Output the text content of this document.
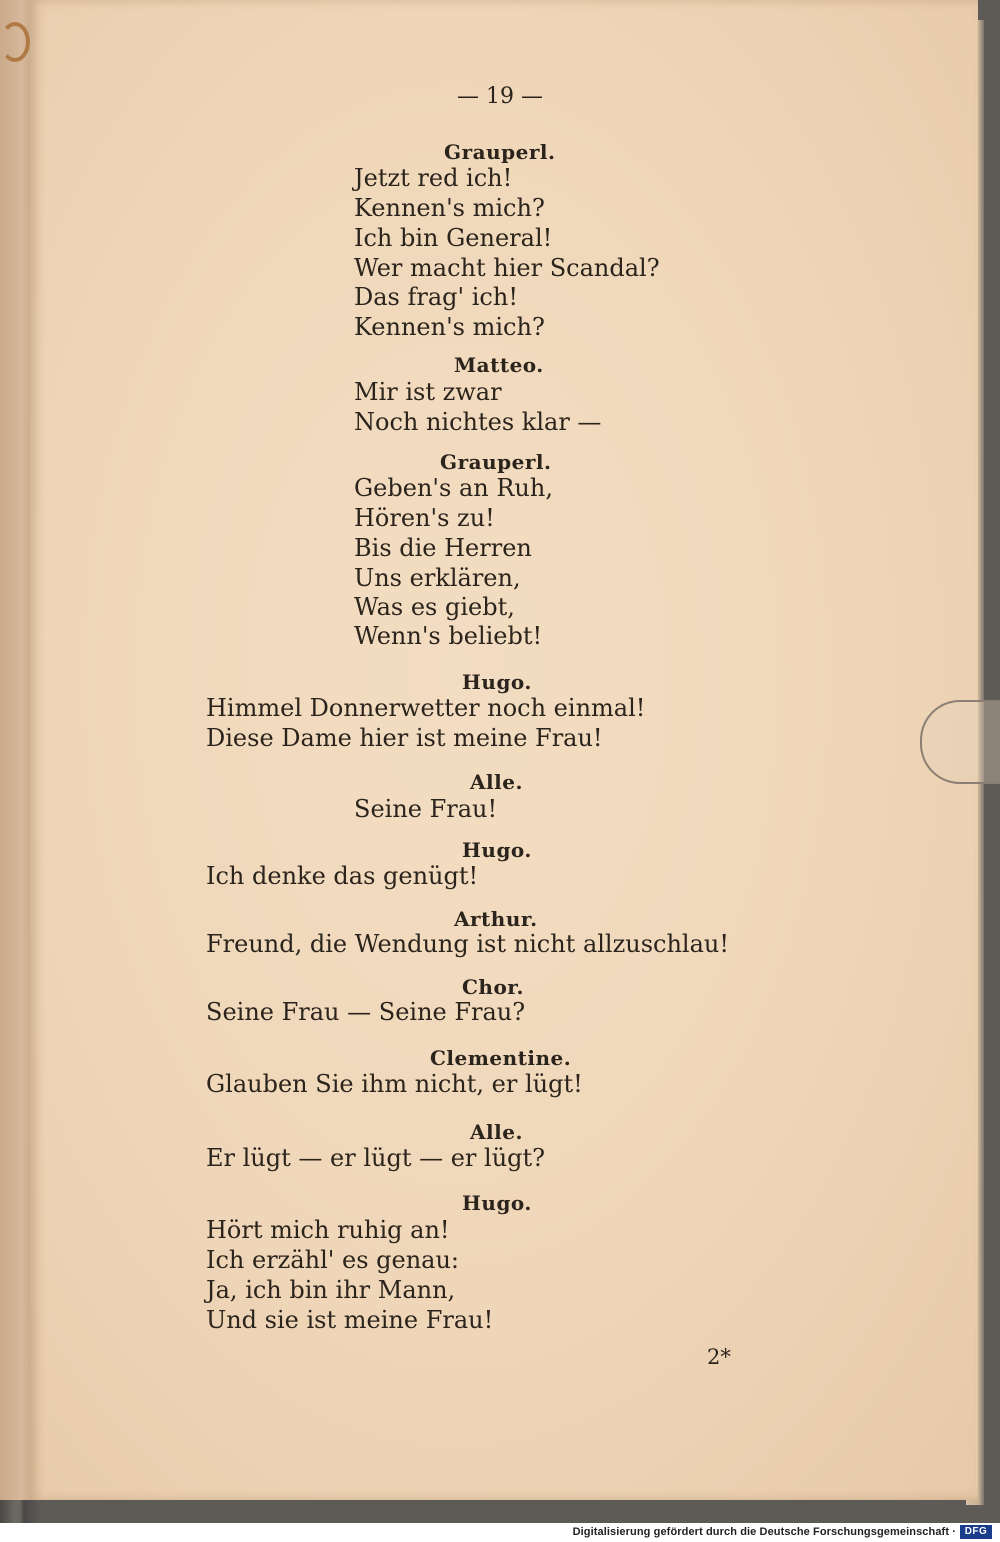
— 19 —
Grauperl.
Jetzt red ich!
Kennen's mich?
Ich bin General!
Wer macht hier Scandal?
Das frag' ich!
Kennen's mich?
Matteo.
Mir ist zwar
Noch nichtes klar —
Grauperl.
Geben's an Ruh,
Hören's zu!
Bis die Herren
Uns erklären,
Was es giebt,
Wenn's beliebt!
Hugo.
Himmel Donnerwetter noch einmal!
Diese Dame hier ist meine Frau!
Alle.
Seine Frau!
Hugo.
Ich denke das genügt!
Arthur.
Freund, die Wendung ist nicht allzuschlau!
Chor.
Seine Frau — Seine Frau?
Clementine.
Glauben Sie ihm nicht, er lügt!
Alle.
Er lügt — er lügt — er lügt?
Hugo.
Hört mich ruhig an!
Ich erzähl' es genau:
Ja, ich bin ihr Mann,
Und sie ist meine Frau!
2*
Digitalisierung gefördert durch die Deutsche Forschungsgemeinschaft · DFG
